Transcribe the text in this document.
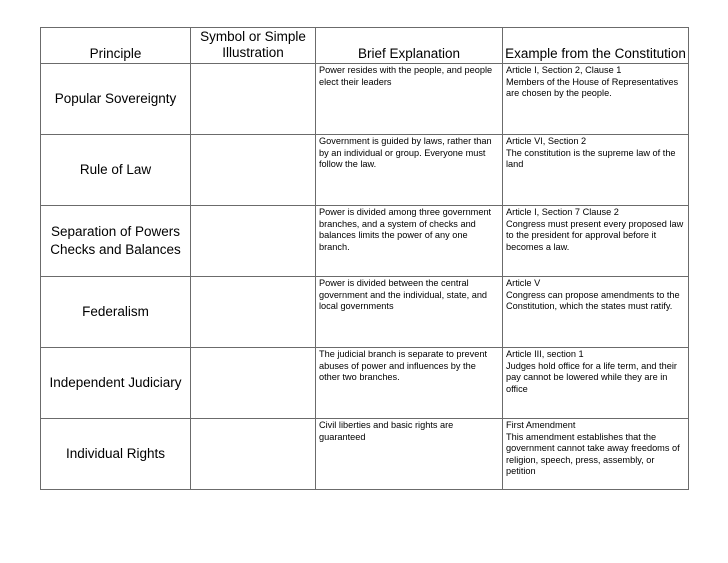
Principle	Symbol or Simple Illustration	Brief Explanation	Example from the Constitution
Popular Sovereignty		Power resides with the people, and people elect their leaders	Article I, Section 2, Clause 1
Members of the House of Representatives are chosen by the people.

Rule of Law		Government is guided by laws, rather than by an individual or group. Everyone must follow the law.	Article VI, Section 2
The constitution is the supreme law of the land

Separation of Powers Checks and Balances		Power is divided among three government branches, and a system of checks and balances limits the power of any one branch.	Article I, Section 7 Clause 2
Congress must present every proposed law to the president for approval before it becomes a law.

Federalism		Power is divided between the central government and the individual, state, and local governments	Article V
Congress can propose amendments to the Constitution, which the states must ratify.

Independent Judiciary		The judicial branch is separate to prevent abuses of power and influences by the other two branches.	Article III, section 1
Judges hold office for a life term, and their pay cannot be lowered while they are in office

Individual Rights		Civil liberties and basic rights are guaranteed	First Amendment
This amendment establishes that the government cannot take away freedoms of religion, speech, press, assembly, or petition
